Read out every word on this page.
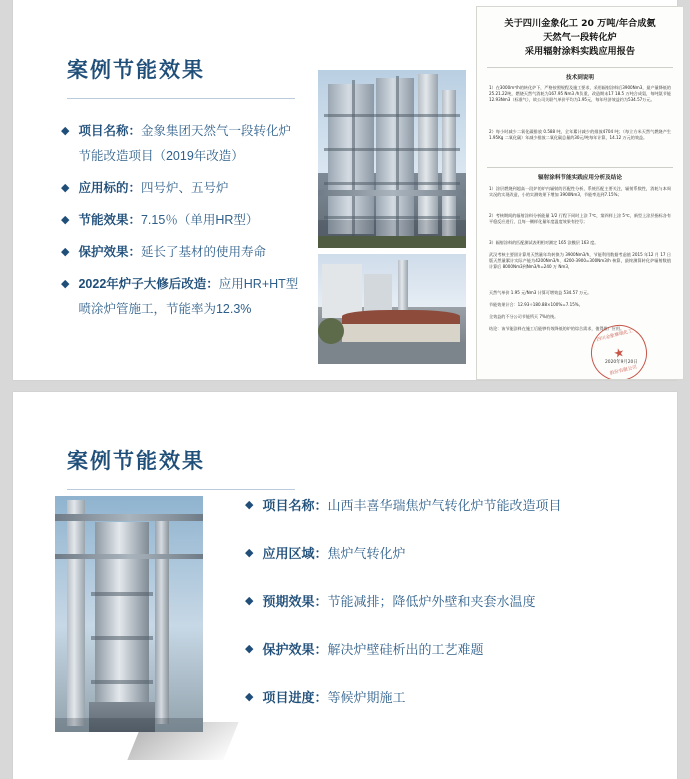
案例节能效果
◆ 项目名称：金象集团天然气一段转化炉
节能改造项目（2019年改造）
◆ 应用标的：四号炉、五号炉
◆ 节能效果：7.15％（单用HR型）
◆ 保护效果：延长了基材的使用寿命
◆ 2022年炉子大修后改造：应用HR+HT型
喷涂炉管施工，节能率为12.3%
关于四川金象化工 20 万吨/年合成氨
天然气一段转化炉
采用辐射涂料实践应用报告
技术到说明
1）在3000m³/h的转化炉下，严格按照规程及施工要求，采用辐射涂料后3900Nm3，最产量降低的25.21.22吨，燃烧天然气消耗为167.95 Nm3 /h负重，改造期末17 18.5 万吨合成氨，每吨氨节能 12.93Nm3（标准气），故公司关联气单价平均为1.95元，每年经济效益约为534.57万元。
2）每小时减少二氧化碳排放 0.588 吨，全年累计减少的排放4704 吨；（每立方米天然气燃烧产生 1.95Kg 二氧化碳）年减少排放二氧化碳总量约30元/吨每年计算，14.12 万元的效益。
辐射涂料节能实践应用分析及结论
1）涂层燃烧到超高一段炉的炉内辐射的匹配性分析，系统匹配主要关注，辐射系数性，消耗与本周实况的实现改造，小的实测效果下增加 3900Nm3，节能率达到7.15%；
2）考核期间的辐射涂料分析能量 1/2 行程下同时上涂 7℃，第四样上涂 5℃，新型上涂层指标各有平稳反应进行，且每一侧样化量年度温度效果有控号；
3）辐射涂料的匹配测试表明相对测定 165 涂膜层 163 度。
武汉考核主要固计算用天然量年均转换为 3900Nm3/h，节能利用数据考虑值 2015 年12 月 17 日版天然量累计实际产能为4200Nm3/h、4200-3900=300Nm3/h 核算，最终测算转化炉辐射数值计算后 8000Nm3到Nm3/h=240 万 Nm3，
天然气单价 1.95 元/Nm3 计算可增效益 534.57 万元。
节能效果计合：12.93÷180.88×100%=7.15%。
全效益的不分公司节能所天 7%的统。
结论：该节能涂料在施工后能够有效降低的炉的综合需求，值得推广应用。
四川金象赛瑞化工
★
股份有限公司
2020年9月20日
案例节能效果
◆ 项目名称：山西丰喜华瑞焦炉气转化炉节能改造项目
◆ 应用区域：焦炉气转化炉
◆ 预期效果：节能减排；降低炉外壁和夹套水温度
◆ 保护效果：解决炉壁硅析出的工艺难题
◆ 项目进度：等候炉期施工
